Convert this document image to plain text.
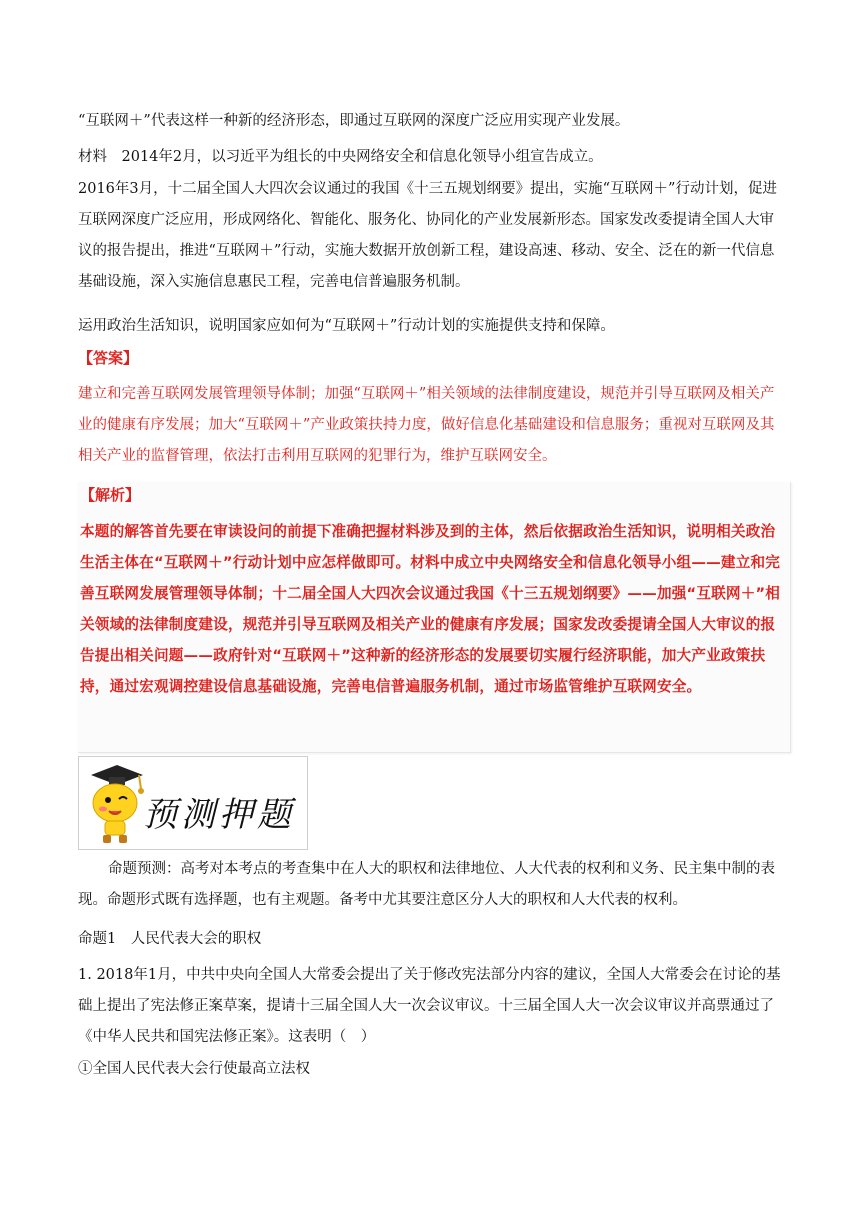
“互联网＋”代表这样一种新的经济形态，即通过互联网的深度广泛应用实现产业发展。

材料　2014年2月，以习近平为组长的中央网络安全和信息化领导小组宣告成立。

2016年3月，十二届全国人大四次会议通过的我国《十三五规划纲要》提出，实施“互联网＋”行动计划，促进互联网深度广泛应用，形成网络化、智能化、服务化、协同化的产业发展新形态。国家发改委提请全国人大审议的报告提出，推进“互联网＋”行动，实施大数据开放创新工程，建设高速、移动、安全、泛在的新一代信息基础设施，深入实施信息惠民工程，完善电信普遍服务机制。

运用政治生活知识，说明国家应如何为“互联网＋”行动计划的实施提供支持和保障。

【答案】

建立和完善互联网发展管理领导体制；加强“互联网＋”相关领域的法律制度建设，规范并引导互联网及相关产业的健康有序发展；加大“互联网＋”产业政策扶持力度，做好信息化基础建设和信息服务；重视对互联网及其相关产业的监督管理，依法打击利用互联网的犯罪行为，维护互联网安全。

【解析】
本题的解答首先要在审读设问的前提下准确把握材料涉及到的主体，然后依据政治生活知识，说明相关政治生活主体在“互联网＋”行动计划中应怎样做即可。材料中成立中央网络安全和信息化领导小组——建立和完善互联网发展管理领导体制；十二届全国人大四次会议通过我国《十三五规划纲要》——加强“互联网＋”相关领域的法律制度建设，规范并引导互联网及相关产业的健康有序发展；国家发改委提请全国人大审议的报告提出相关问题——政府针对“互联网＋”这种新的经济形态的发展要切实履行经济职能，加大产业政策扶持，通过宏观调控建设信息基础设施，完善电信普遍服务机制，通过市场监管维护互联网安全。
预测押题

命题预测：高考对本考点的考查集中在人大的职权和法律地位、人大代表的权利和义务、民主集中制的表现。命题形式既有选择题，也有主观题。备考中尤其要注意区分人大的职权和人大代表的权利。

命题1　人民代表大会的职权

1. 2018年1月，中共中央向全国人大常委会提出了关于修改宪法部分内容的建议，全国人大常委会在讨论的基础上提出了宪法修正案草案，提请十三届全国人大一次会议审议。十三届全国人大一次会议审议并高票通过了《中华人民共和国宪法修正案》。这表明（　）

①全国人民代表大会行使最高立法权
